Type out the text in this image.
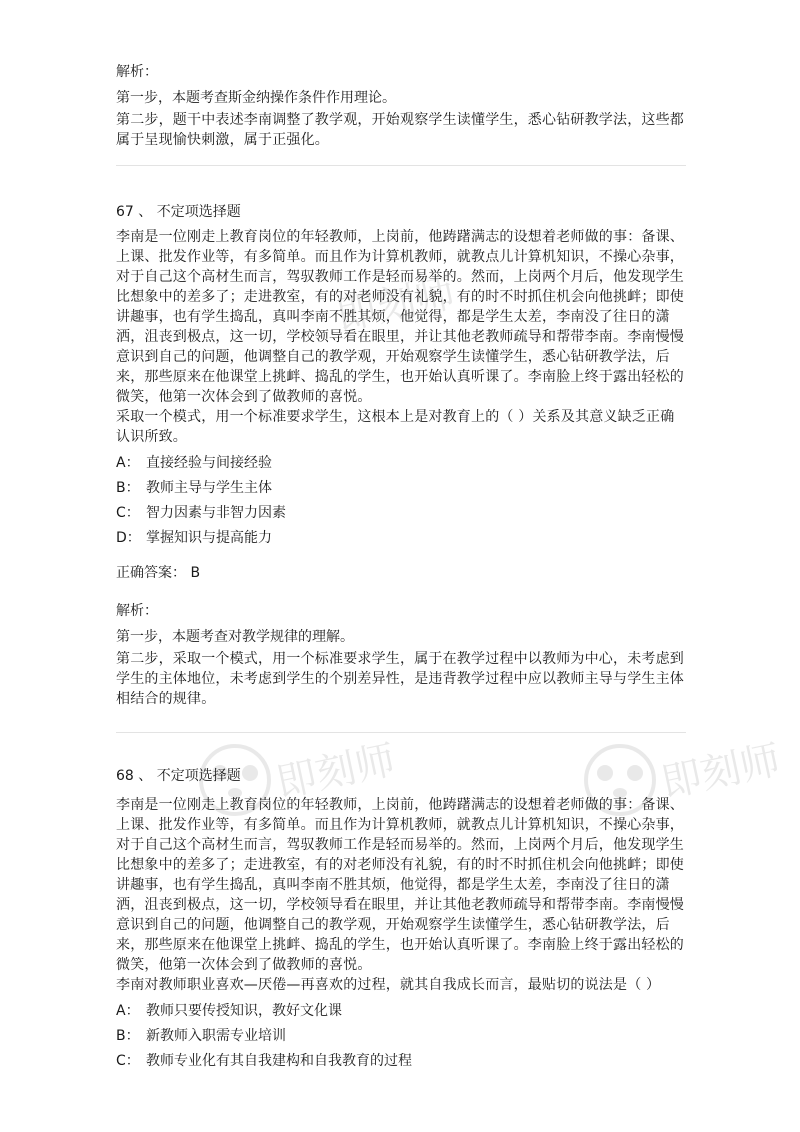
即刻师	即刻师
即刻师

解析：

第一步，本题考查斯金纳操作条件作用理论。

第二步，题干中表述李南调整了教学观，开始观察学生读懂学生，悉心钻研教学法，这些都属于呈现愉快刺激，属于正强化。

67 、 不定项选择题

李南是一位刚走上教育岗位的年轻教师，上岗前，他踌躇满志的设想着老师做的事：备课、上课、批发作业等，有多简单。而且作为计算机教师，就教点儿计算机知识，不操心杂事，对于自己这个高材生而言，驾驭教师工作是轻而易举的。然而，上岗两个月后，他发现学生比想象中的差多了；走进教室，有的对老师没有礼貌，有的时不时抓住机会向他挑衅；即使讲趣事，也有学生捣乱，真叫李南不胜其烦，他觉得，都是学生太差，李南没了往日的潇洒，沮丧到极点，这一切，学校领导看在眼里，并让其他老教师疏导和帮带李南。李南慢慢意识到自己的问题，他调整自己的教学观，开始观察学生读懂学生，悉心钻研教学法，后来，那些原来在他课堂上挑衅、捣乱的学生，也开始认真听课了。李南脸上终于露出轻松的微笑，他第一次体会到了做教师的喜悦。

采取一个模式，用一个标准要求学生，这根本上是对教育上的（ ）关系及其意义缺乏正确认识所致。

A ： 直接经验与间接经验

B ： 教师主导与学生主体

C ： 智力因素与非智力因素

D ： 掌握知识与提高能力

正确答案： B

解析：

第一步，本题考查对教学规律的理解。

第二步，采取一个模式，用一个标准要求学生，属于在教学过程中以教师为中心，未考虑到学生的主体地位，未考虑到学生的个别差异性，是违背教学过程中应以教师主导与学生主体相结合的规律。

68 、 不定项选择题

李南是一位刚走上教育岗位的年轻教师，上岗前，他踌躇满志的设想着老师做的事：备课、上课、批发作业等，有多简单。而且作为计算机教师，就教点儿计算机知识，不操心杂事，对于自己这个高材生而言，驾驭教师工作是轻而易举的。然而，上岗两个月后，他发现学生比想象中的差多了；走进教室，有的对老师没有礼貌，有的时不时抓住机会向他挑衅；即使讲趣事，也有学生捣乱，真叫李南不胜其烦，他觉得，都是学生太差，李南没了往日的潇洒，沮丧到极点，这一切，学校领导看在眼里，并让其他老教师疏导和帮带李南。李南慢慢意识到自己的问题，他调整自己的教学观，开始观察学生读懂学生，悉心钻研教学法，后来，那些原来在他课堂上挑衅、捣乱的学生，也开始认真听课了。李南脸上终于露出轻松的微笑，他第一次体会到了做教师的喜悦。

李南对教师职业喜欢—厌倦—再喜欢的过程，就其自我成长而言，最贴切的说法是（ ）

A ： 教师只要传授知识，教好文化课

B ： 新教师入职需专业培训

C ： 教师专业化有其自我建构和自我教育的过程
